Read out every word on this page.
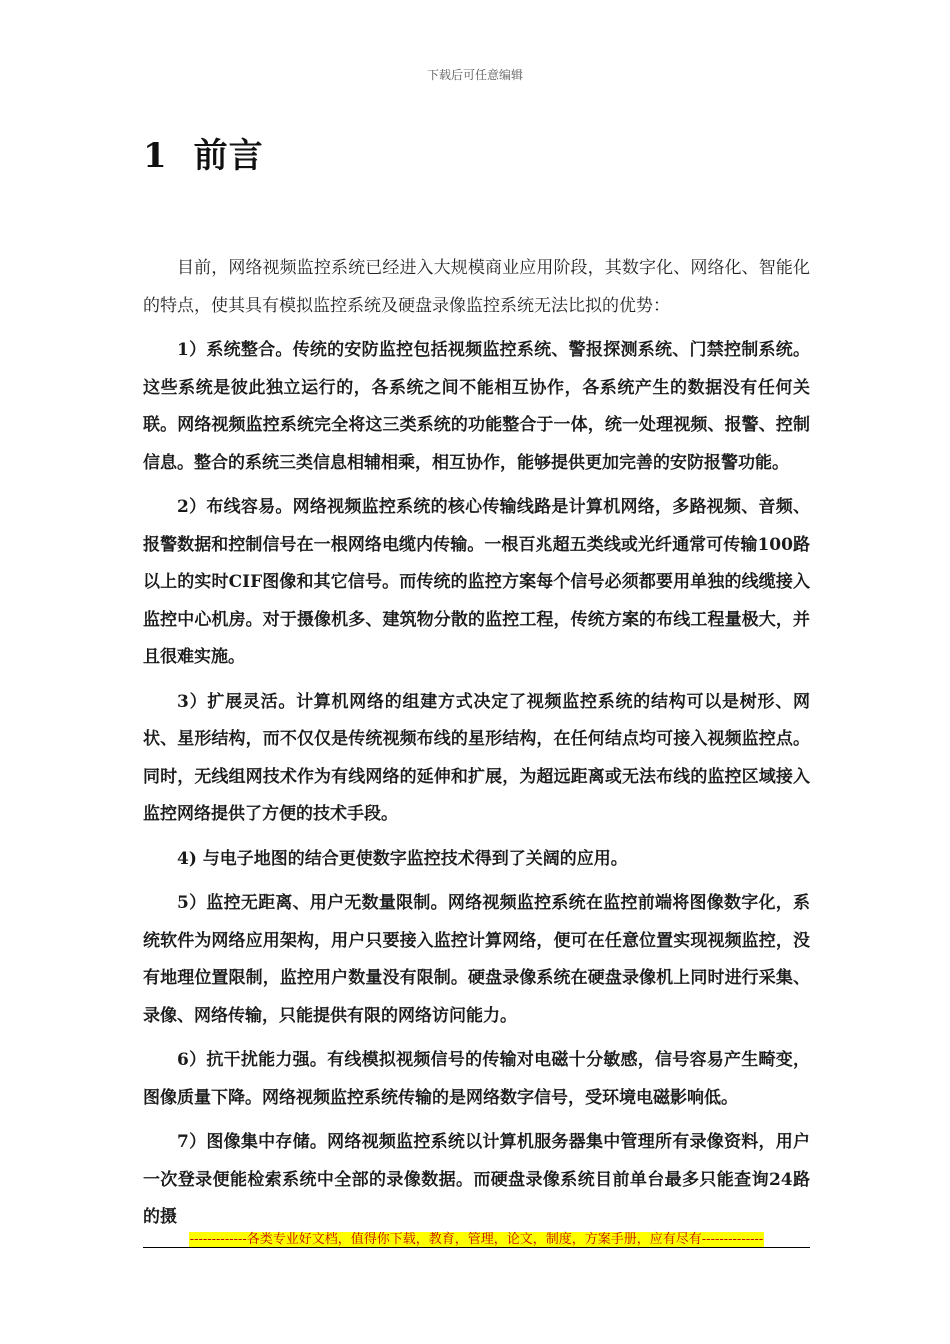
下载后可任意编辑
1 前言

目前，网络视频监控系统已经进入大规模商业应用阶段，其数字化、网络化、智能化的特点，使其具有模拟监控系统及硬盘录像监控系统无法比拟的优势：

1）系统整合。传统的安防监控包括视频监控系统、警报探测系统、门禁控制系统。这些系统是彼此独立运行的，各系统之间不能相互协作，各系统产生的数据没有任何关联。网络视频监控系统完全将这三类系统的功能整合于一体，统一处理视频、报警、控制信息。整合的系统三类信息相辅相乘，相互协作，能够提供更加完善的安防报警功能。

2）布线容易。网络视频监控系统的核心传输线路是计算机网络，多路视频、音频、报警数据和控制信号在一根网络电缆内传输。一根百兆超五类线或光纤通常可传输100路以上的实时CIF图像和其它信号。而传统的监控方案每个信号必须都要用单独的线缆接入监控中心机房。对于摄像机多、建筑物分散的监控工程，传统方案的布线工程量极大，并且很难实施。

3）扩展灵活。计算机网络的组建方式决定了视频监控系统的结构可以是树形、网状、星形结构，而不仅仅是传统视频布线的星形结构，在任何结点均可接入视频监控点。同时，无线组网技术作为有线网络的延伸和扩展，为超远距离或无法布线的监控区域接入监控网络提供了方便的技术手段。

4) 与电子地图的结合更使数字监控技术得到了关阔的应用。

5）监控无距离、用户无数量限制。网络视频监控系统在监控前端将图像数字化，系统软件为网络应用架构，用户只要接入监控计算网络，便可在任意位置实现视频监控，没有地理位置限制，监控用户数量没有限制。硬盘录像系统在硬盘录像机上同时进行采集、录像、网络传输，只能提供有限的网络访问能力。

6）抗干扰能力强。有线模拟视频信号的传输对电磁十分敏感，信号容易产生畸变，图像质量下降。网络视频监控系统传输的是网络数字信号，受环境电磁影响低。

7）图像集中存储。网络视频监控系统以计算机服务器集中管理所有录像资料，用户一次登录便能检索系统中全部的录像数据。而硬盘录像系统目前单台最多只能查询24路的摄

-------------各类专业好文档，值得你下载，教育，管理，论文，制度，方案手册，应有尽有--------------
